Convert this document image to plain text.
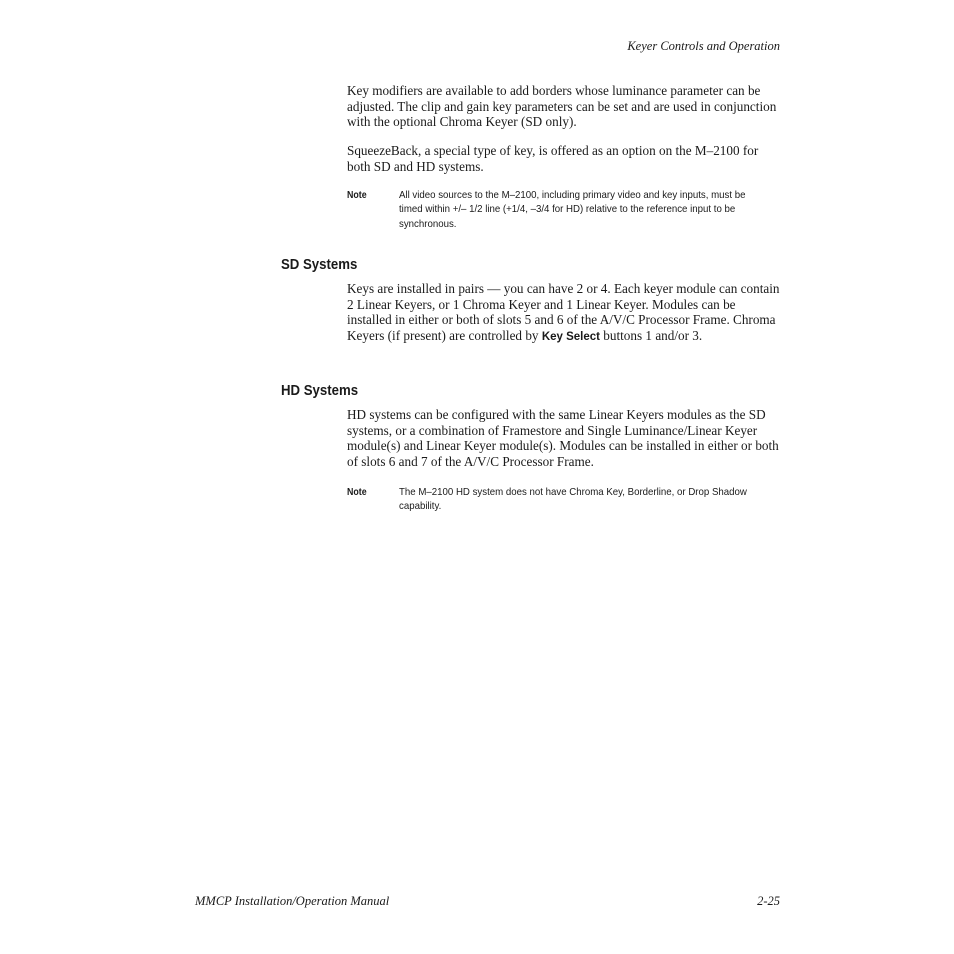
Keyer Controls and Operation

Key modifiers are available to add borders whose luminance parameter can be adjusted. The clip and gain key parameters can be set and are used in conjunction with the optional Chroma Keyer (SD only).

SqueezeBack, a special type of key, is offered as an option on the M–2100 for both SD and HD systems.

Note	All video sources to the M–2100, including primary video and key inputs, must be timed within +/– 1/2 line (+1/4, –3/4 for HD) relative to the reference input to be synchronous.
SD Systems

Keys are installed in pairs — you can have 2 or 4. Each keyer module can contain 2 Linear Keyers, or 1 Chroma Keyer and 1 Linear Keyer. Modules can be installed in either or both of slots 5 and 6 of the A/V/C Processor Frame. Chroma Keyers (if present) are controlled by Key Select buttons 1 and/or 3.

HD Systems

HD systems can be configured with the same Linear Keyers modules as the SD systems, or a combination of Framestore and Single Luminance/Linear Keyer module(s) and Linear Keyer module(s). Modules can be installed in either or both of slots 6 and 7 of the A/V/C Processor Frame.

Note	The M–2100 HD system does not have Chroma Key, Borderline, or Drop Shadow capability.
MMCP Installation/Operation Manual	2-25
